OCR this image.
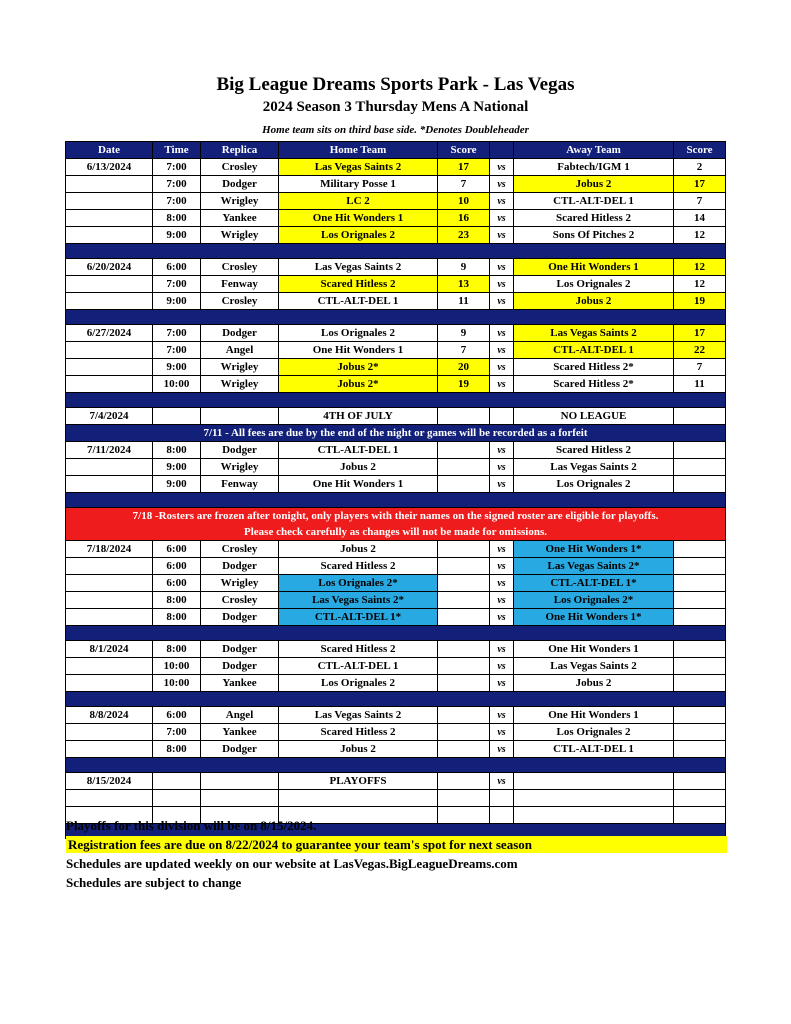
Big League Dreams Sports Park - Las Vegas
2024 Season 3 Thursday Mens A National
Home team sits on third base side. *Denotes Doubleheader
Date	Time	Replica	Home Team	Score		Away Team	Score
6/13/2024	7:00	Crosley	Las Vegas Saints 2	17	vs	Fabtech/IGM 1	2
	7:00	Dodger	Military Posse 1	7	vs	Jobus 2	17
	7:00	Wrigley	LC 2	10	vs	CTL-ALT-DEL 1	7
	8:00	Yankee	One Hit Wonders 1	16	vs	Scared Hitless 2	14
	9:00	Wrigley	Los Orignales 2	23	vs	Sons Of Pitches 2	12

6/20/2024	6:00	Crosley	Las Vegas Saints 2	9	vs	One Hit Wonders 1	12
	7:00	Fenway	Scared Hitless 2	13	vs	Los Orignales 2	12
	9:00	Crosley	CTL-ALT-DEL 1	11	vs	Jobus 2	19

6/27/2024	7:00	Dodger	Los Orignales 2	9	vs	Las Vegas Saints 2	17
	7:00	Angel	One Hit Wonders 1	7	vs	CTL-ALT-DEL 1	22
	9:00	Wrigley	Jobus 2*	20	vs	Scared Hitless 2*	7
	10:00	Wrigley	Jobus 2*	19	vs	Scared Hitless 2*	11

7/4/2024			4TH OF JULY			NO LEAGUE	
7/11 - All fees are due by the end of the night or games will be recorded as a forfeit							
7/11/2024	8:00	Dodger	CTL-ALT-DEL 1		vs	Scared Hitless 2	
	9:00	Wrigley	Jobus 2		vs	Las Vegas Saints 2	
	9:00	Fenway	One Hit Wonders 1		vs	Los Orignales 2	

7/18 -Rosters are frozen after tonight, only players with their names on the signed roster are eligible for playoffs.							
Please check carefully as changes will not be made for omissions.							
7/18/2024	6:00	Crosley	Jobus 2		vs	One Hit Wonders 1*	
	6:00	Dodger	Scared Hitless 2		vs	Las Vegas Saints 2*	
	6:00	Wrigley	Los Orignales 2*		vs	CTL-ALT-DEL 1*	
	8:00	Crosley	Las Vegas Saints 2*		vs	Los Orignales 2*	
	8:00	Dodger	CTL-ALT-DEL 1*		vs	One Hit Wonders 1*	

8/1/2024	8:00	Dodger	Scared Hitless 2		vs	One Hit Wonders 1	
	10:00	Dodger	CTL-ALT-DEL 1		vs	Las Vegas Saints 2	
	10:00	Yankee	Los Orignales 2		vs	Jobus 2	

8/8/2024	6:00	Angel	Las Vegas Saints 2		vs	One Hit Wonders 1	
	7:00	Yankee	Scared Hitless 2		vs	Los Orignales 2	
	8:00	Dodger	Jobus 2		vs	CTL-ALT-DEL 1	

8/15/2024			PLAYOFFS		vs		

Playoffs for this division will be on 8/15/2024.
Registration fees are due on 8/22/2024 to guarantee your team's spot for next season
Schedules are updated weekly on our website at LasVegas.BigLeagueDreams.com
Schedules are subject to change
